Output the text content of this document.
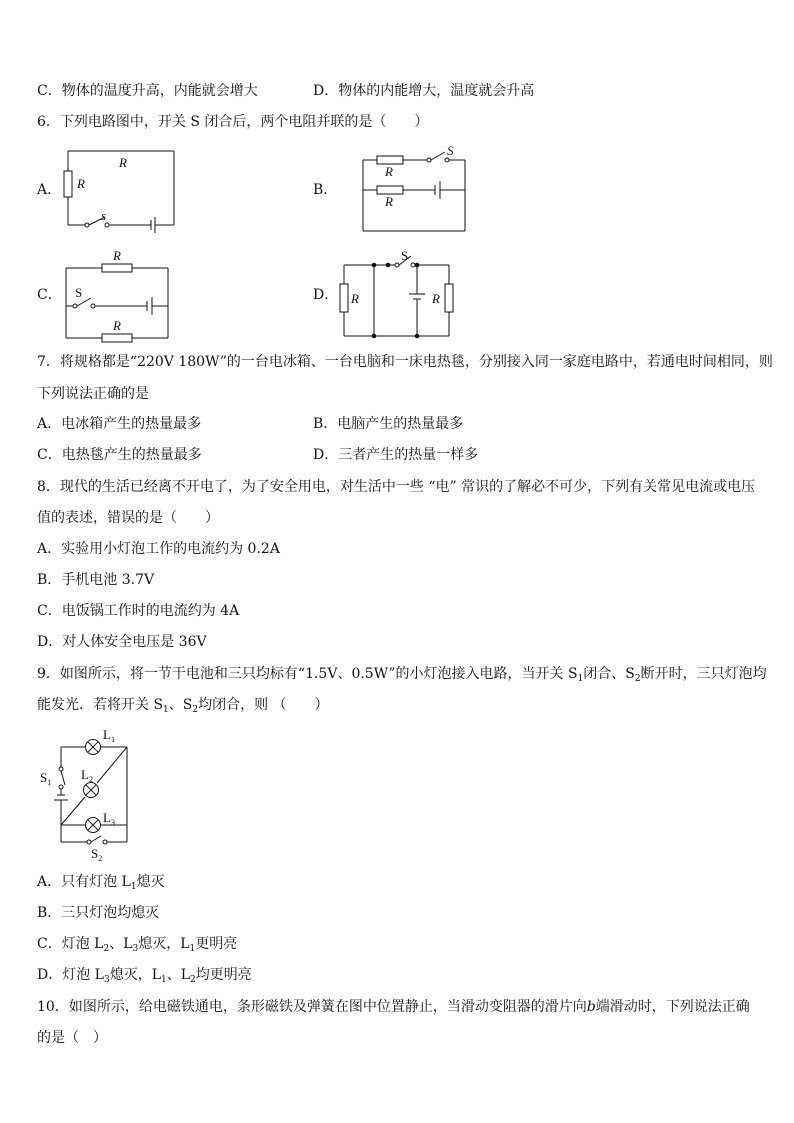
C．物体的温度升高，内能就会增大	D．物体的内能增大，温度就会升高
6．下列电路图中，开关 S 闭合后，两个电阻并联的是（　　）
A．
R
R
s
B．
R
R
S
C．
R
R
S	D． R	R
S
7．将规格都是“220V 180W”的一台电冰箱、一台电脑和一床电热毯，分别接入同一家庭电路中，若通电时间相同，则
下列说法正确的是
A．电冰箱产生的热量最多	B．电脑产生的热量最多
C．电热毯产生的热量最多	D．三者产生的热量一样多
8．现代的生活已经离不开电了，为了安全用电，对生活中一些 “电” 常识的了解必不可少，下列有关常见电流或电压
值的表述，错误的是（　　）
A．实验用小灯泡工作的电流约为 0.2A
B．手机电池 3.7V
C．电饭锅工作时的电流约为 4A
D．对人体安全电压是 36V
9．如图所示，将一节干电池和三只均标有“1.5V、0.5W”的小灯泡接入电路，当开关 $S_1$闭合、$S_2$断开时，三只灯泡均
能发光．若将开关 $S_1$、$S_2$均闭合，则 （　　）
$L_1$
$L_2$
$L_3$
$S_1$
$S_2$
A．只有灯泡 $L_1$熄灭
B．三只灯泡均熄灭
C．灯泡 $L_2$、$L_3$熄灭，$L_1$更明亮
D．灯泡 $L_3$熄灭，$L_1$、$L_2$均更明亮
10．如图所示，给电磁铁通电，条形磁铁及弹簧在图中位置静止，当滑动变阻器的滑片向b端滑动时，下列说法正确
的是（　）
